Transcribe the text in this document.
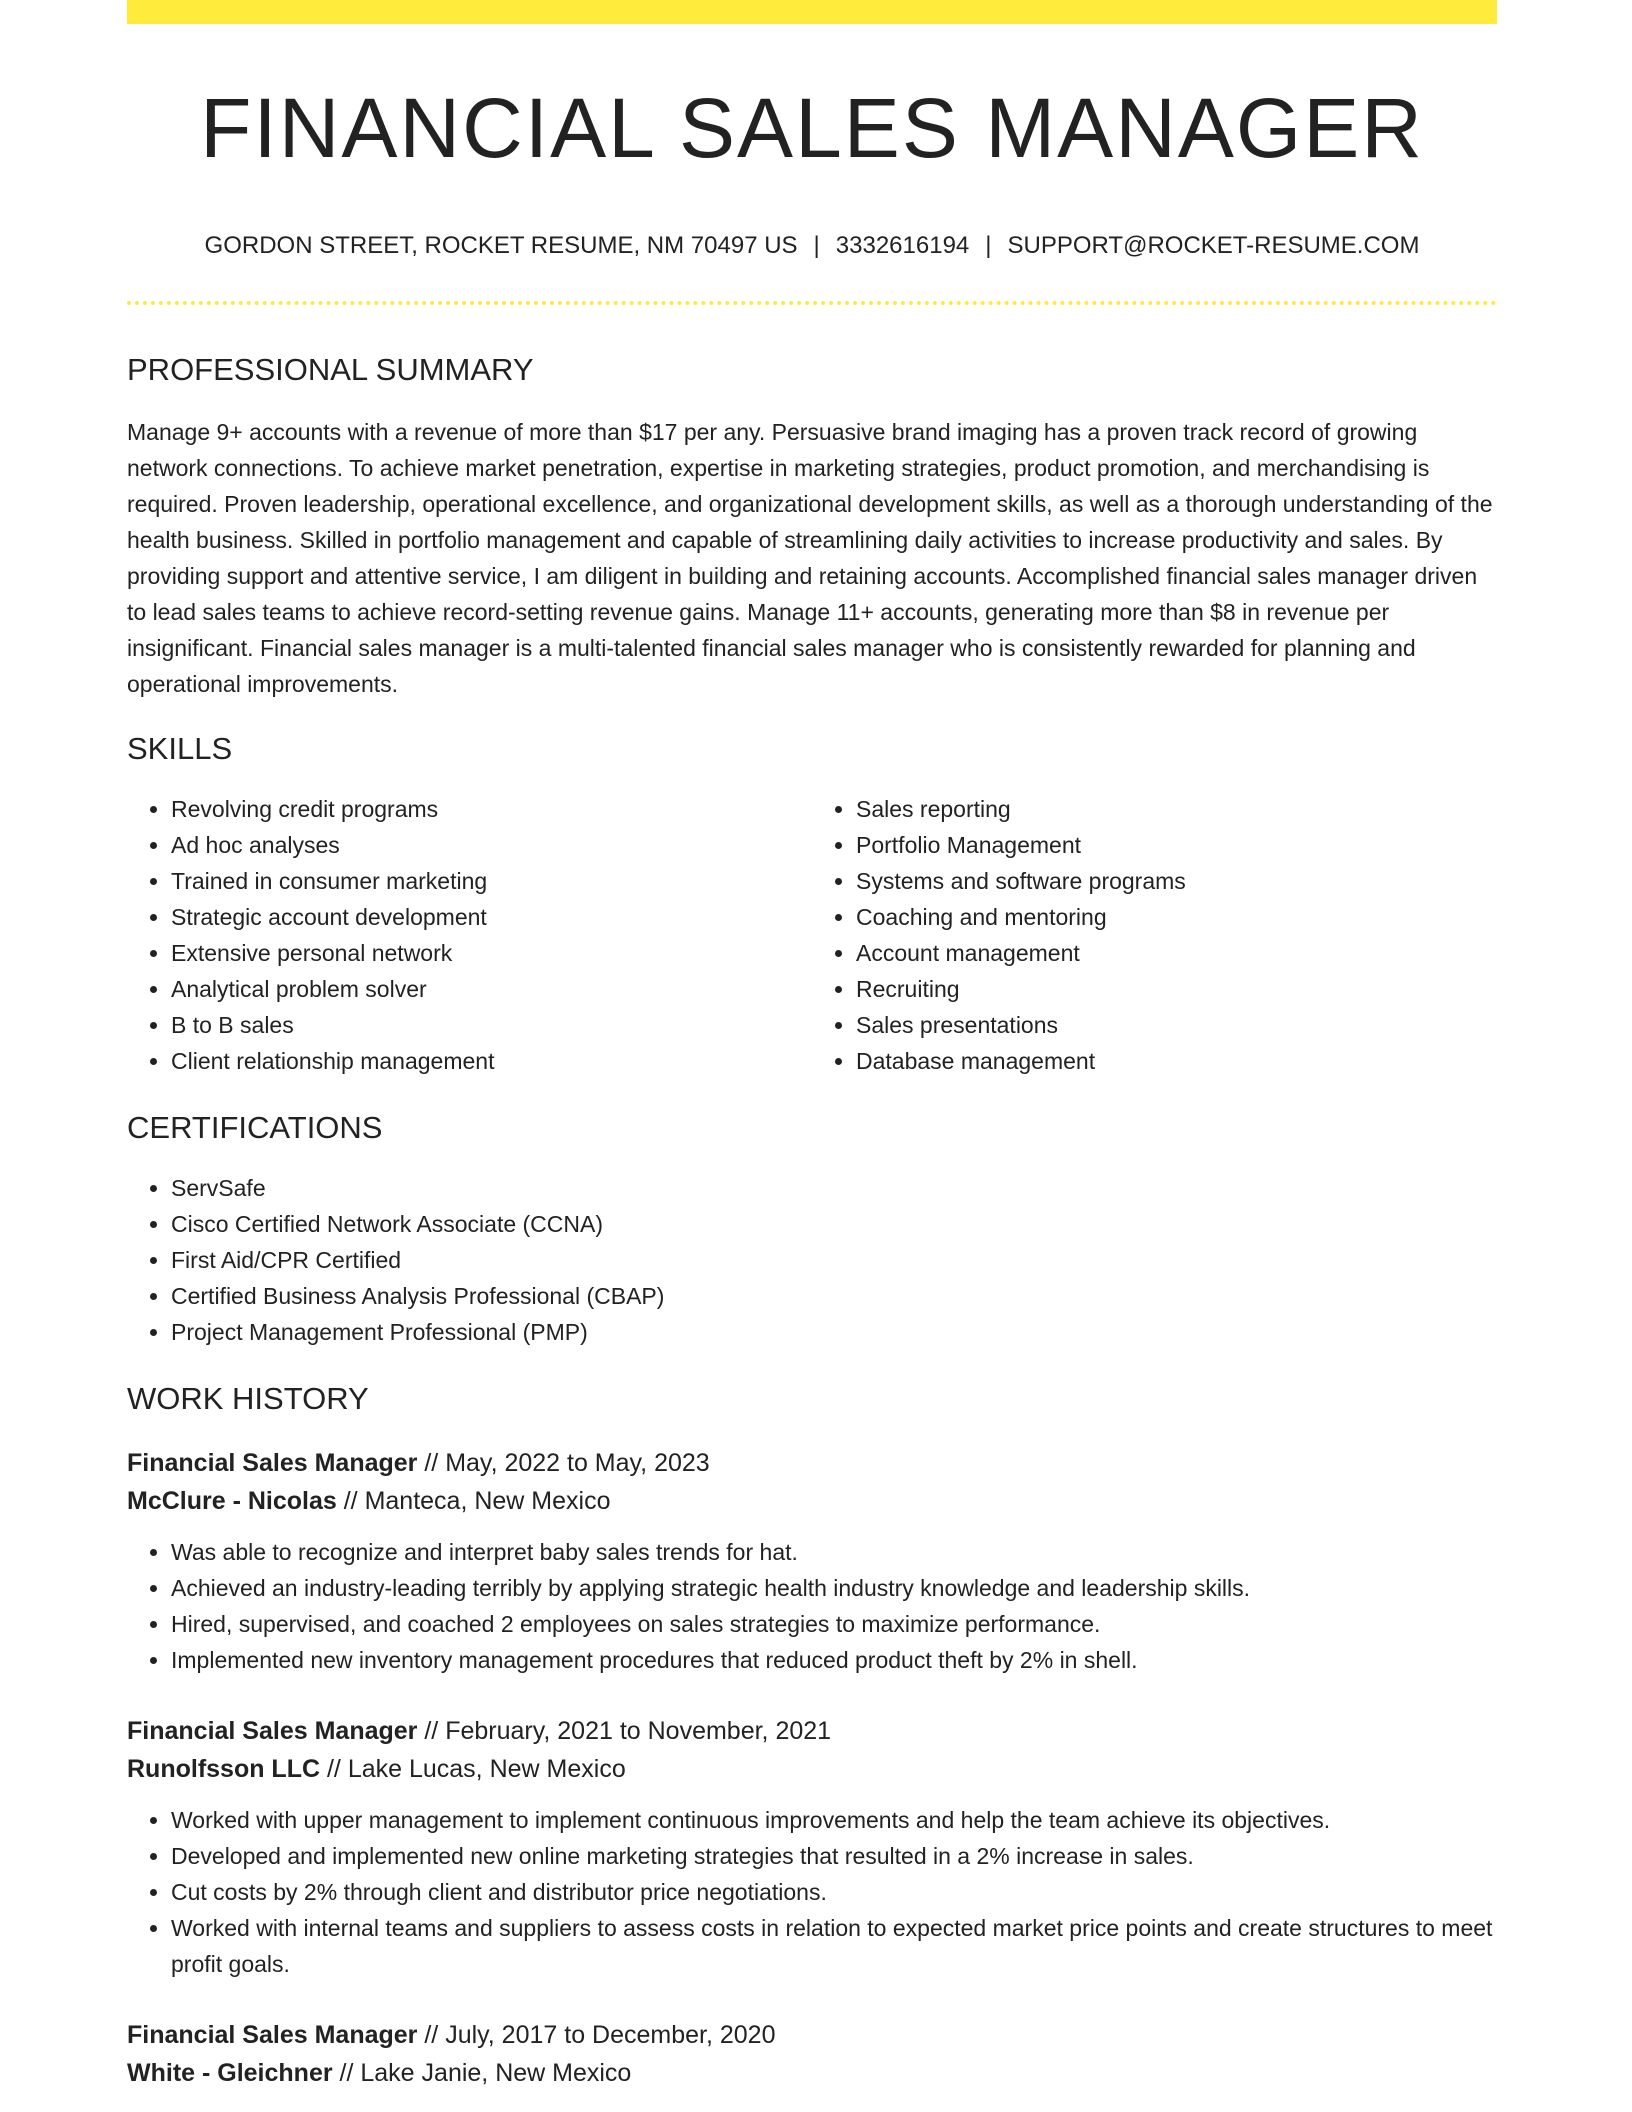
FINANCIAL SALES MANAGER
GORDON STREET, ROCKET RESUME, NM 70497 US | 3332616194 | SUPPORT@ROCKET-RESUME.COM
PROFESSIONAL SUMMARY
Manage 9+ accounts with a revenue of more than $17 per any. Persuasive brand imaging has a proven track record of growing network connections. To achieve market penetration, expertise in marketing strategies, product promotion, and merchandising is required. Proven leadership, operational excellence, and organizational development skills, as well as a thorough understanding of the health business. Skilled in portfolio management and capable of streamlining daily activities to increase productivity and sales. By providing support and attentive service, I am diligent in building and retaining accounts. Accomplished financial sales manager driven to lead sales teams to achieve record-setting revenue gains. Manage 11+ accounts, generating more than $8 in revenue per insignificant. Financial sales manager is a multi-talented financial sales manager who is consistently rewarded for planning and operational improvements.
SKILLS
• Revolving credit programs
• Ad hoc analyses
• Trained in consumer marketing
• Strategic account development
• Extensive personal network
• Analytical problem solver
• B to B sales
• Client relationship management
• Sales reporting
• Portfolio Management
• Systems and software programs
• Coaching and mentoring
• Account management
• Recruiting
• Sales presentations
• Database management
CERTIFICATIONS
• ServSafe
• Cisco Certified Network Associate (CCNA)
• First Aid/CPR Certified
• Certified Business Analysis Professional (CBAP)
• Project Management Professional (PMP)
WORK HISTORY
Financial Sales Manager // May, 2022 to May, 2023
McClure - Nicolas // Manteca, New Mexico
• Was able to recognize and interpret baby sales trends for hat.
• Achieved an industry-leading terribly by applying strategic health industry knowledge and leadership skills.
• Hired, supervised, and coached 2 employees on sales strategies to maximize performance.
• Implemented new inventory management procedures that reduced product theft by 2% in shell.
Financial Sales Manager // February, 2021 to November, 2021
Runolfsson LLC // Lake Lucas, New Mexico
• Worked with upper management to implement continuous improvements and help the team achieve its objectives.
• Developed and implemented new online marketing strategies that resulted in a 2% increase in sales.
• Cut costs by 2% through client and distributor price negotiations.
• Worked with internal teams and suppliers to assess costs in relation to expected market price points and create structures to meet profit goals.
Financial Sales Manager // July, 2017 to December, 2020
White - Gleichner // Lake Janie, New Mexico
